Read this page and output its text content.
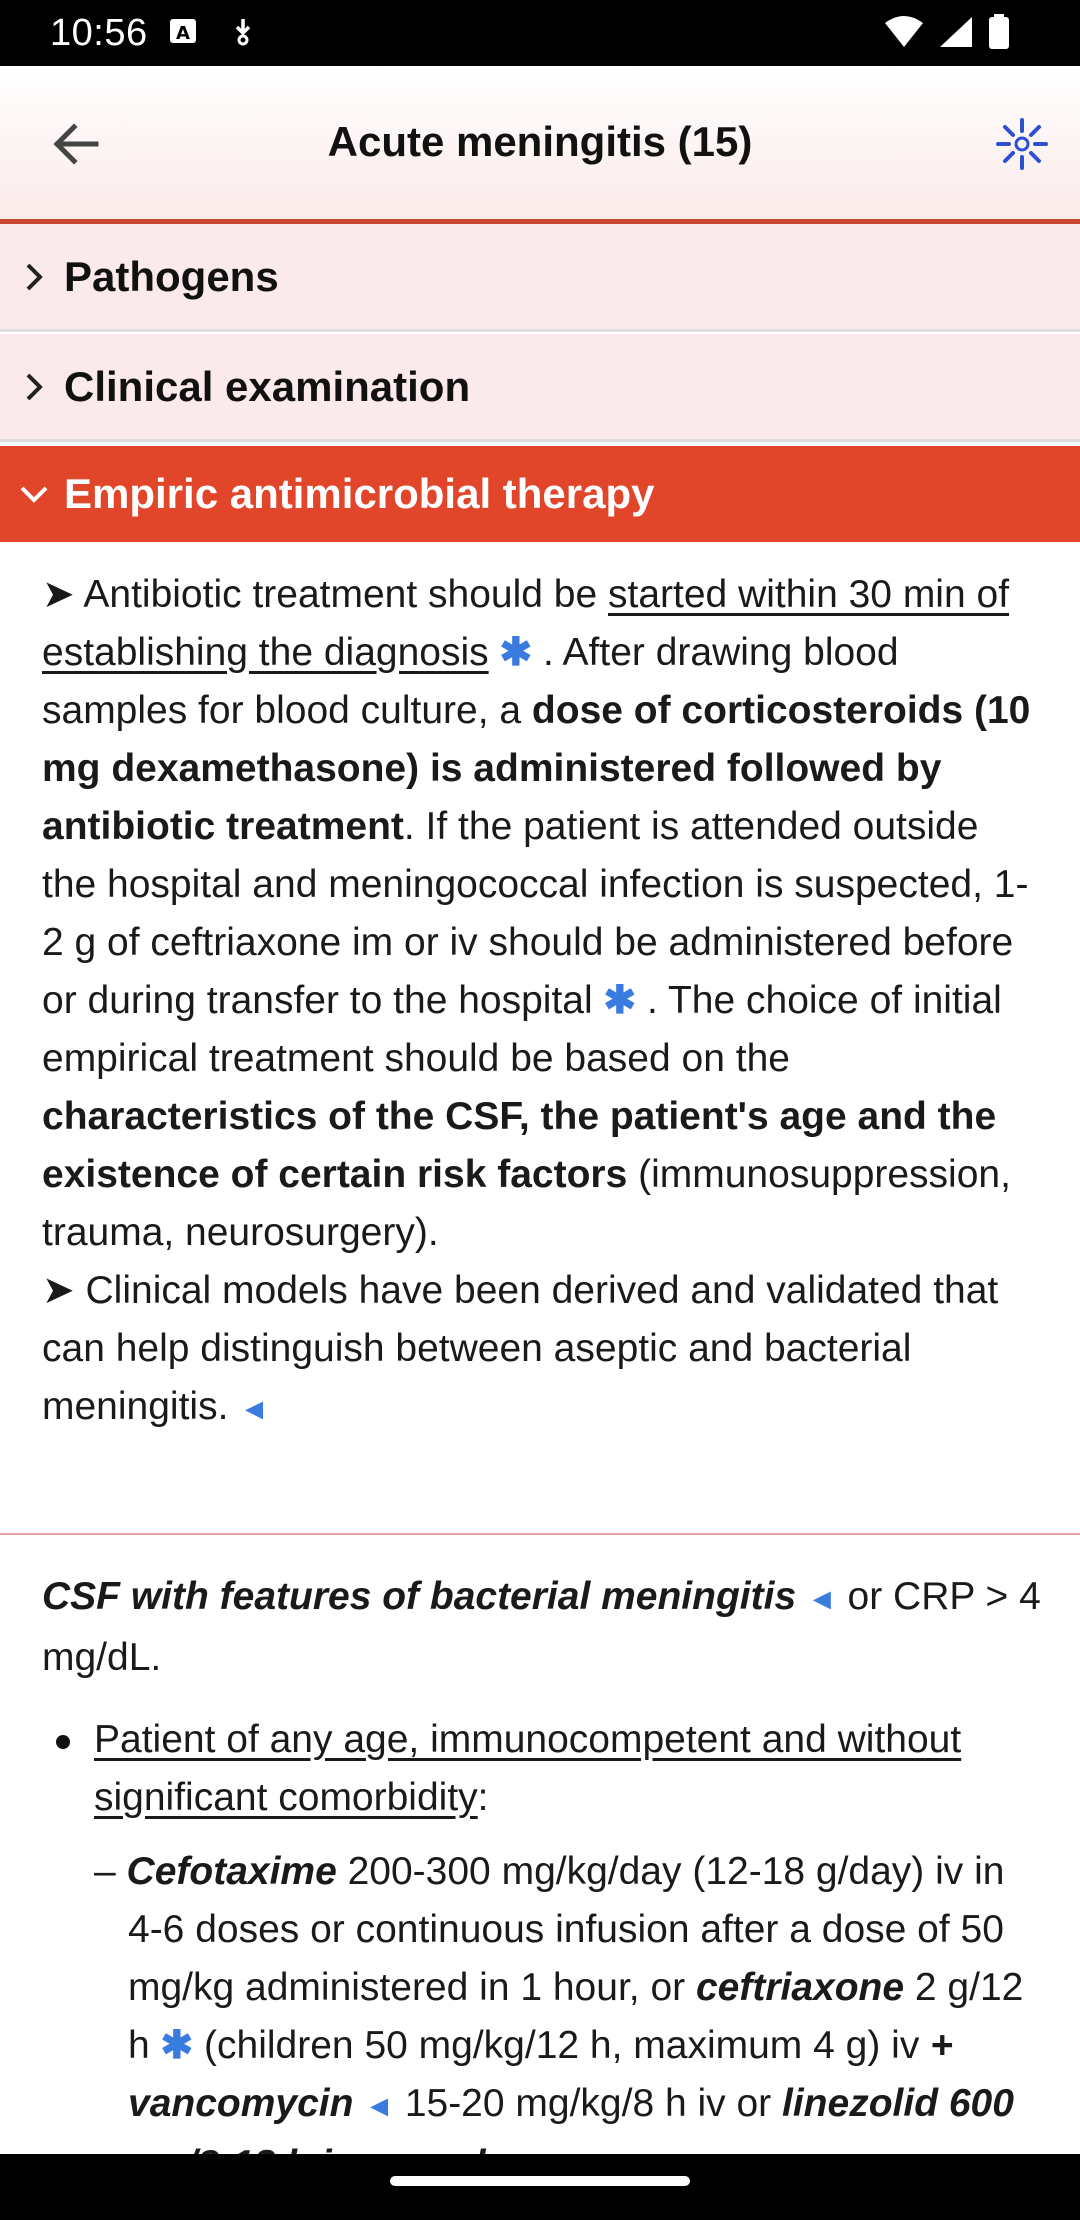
10:56 A
Acute meningitis (15)
Pathogens
Clinical examination
Empiric antimicrobial therapy

➤ Antibiotic treatment should be started within 30 min of establishing the diagnosis ✱ . After drawing blood samples for blood culture, a dose of corticosteroids (10 mg dexamethasone) is administered followed by antibiotic treatment. If the patient is attended outside the hospital and meningococcal infection is suspected, 1-2 g of ceftriaxone im or iv should be administered before or during transfer to the hospital ✱ . The choice of initial empirical treatment should be based on the characteristics of the CSF, the patient's age and the existence of certain risk factors (immunosuppression, trauma, neurosurgery).

➤ Clinical models have been derived and validated that can help distinguish between aseptic and bacterial meningitis. ◄

CSF with features of bacterial meningitis ◄ or CRP > 4 mg/dL.

Patient of any age, immunocompetent and without significant comorbidity:

– Cefotaxime 200-300 mg/kg/day (12-18 g/day) iv in 4-6 doses or continuous infusion after a dose of 50 mg/kg administered in 1 hour, or ceftriaxone 2 g/12 h ✱ (children 50 mg/kg/12 h, maximum 4 g) iv + vancomycin ◄ 15-20 mg/kg/8 h iv or linezolid 600
